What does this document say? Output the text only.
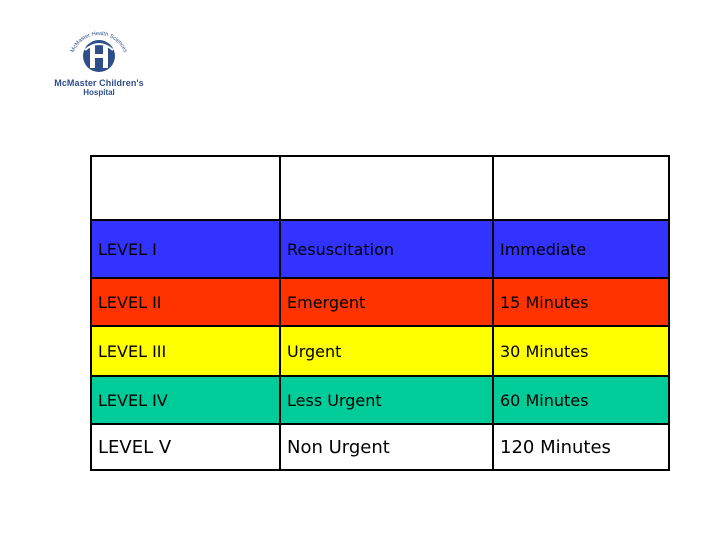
McMaster Health Sciences
McMaster Children's
Hospital

LEVEL I	Resuscitation	Immediate
LEVEL II	Emergent	15 Minutes
LEVEL III	Urgent	30 Minutes
LEVEL IV	Less Urgent	60 Minutes
LEVEL V	Non Urgent	120 Minutes
